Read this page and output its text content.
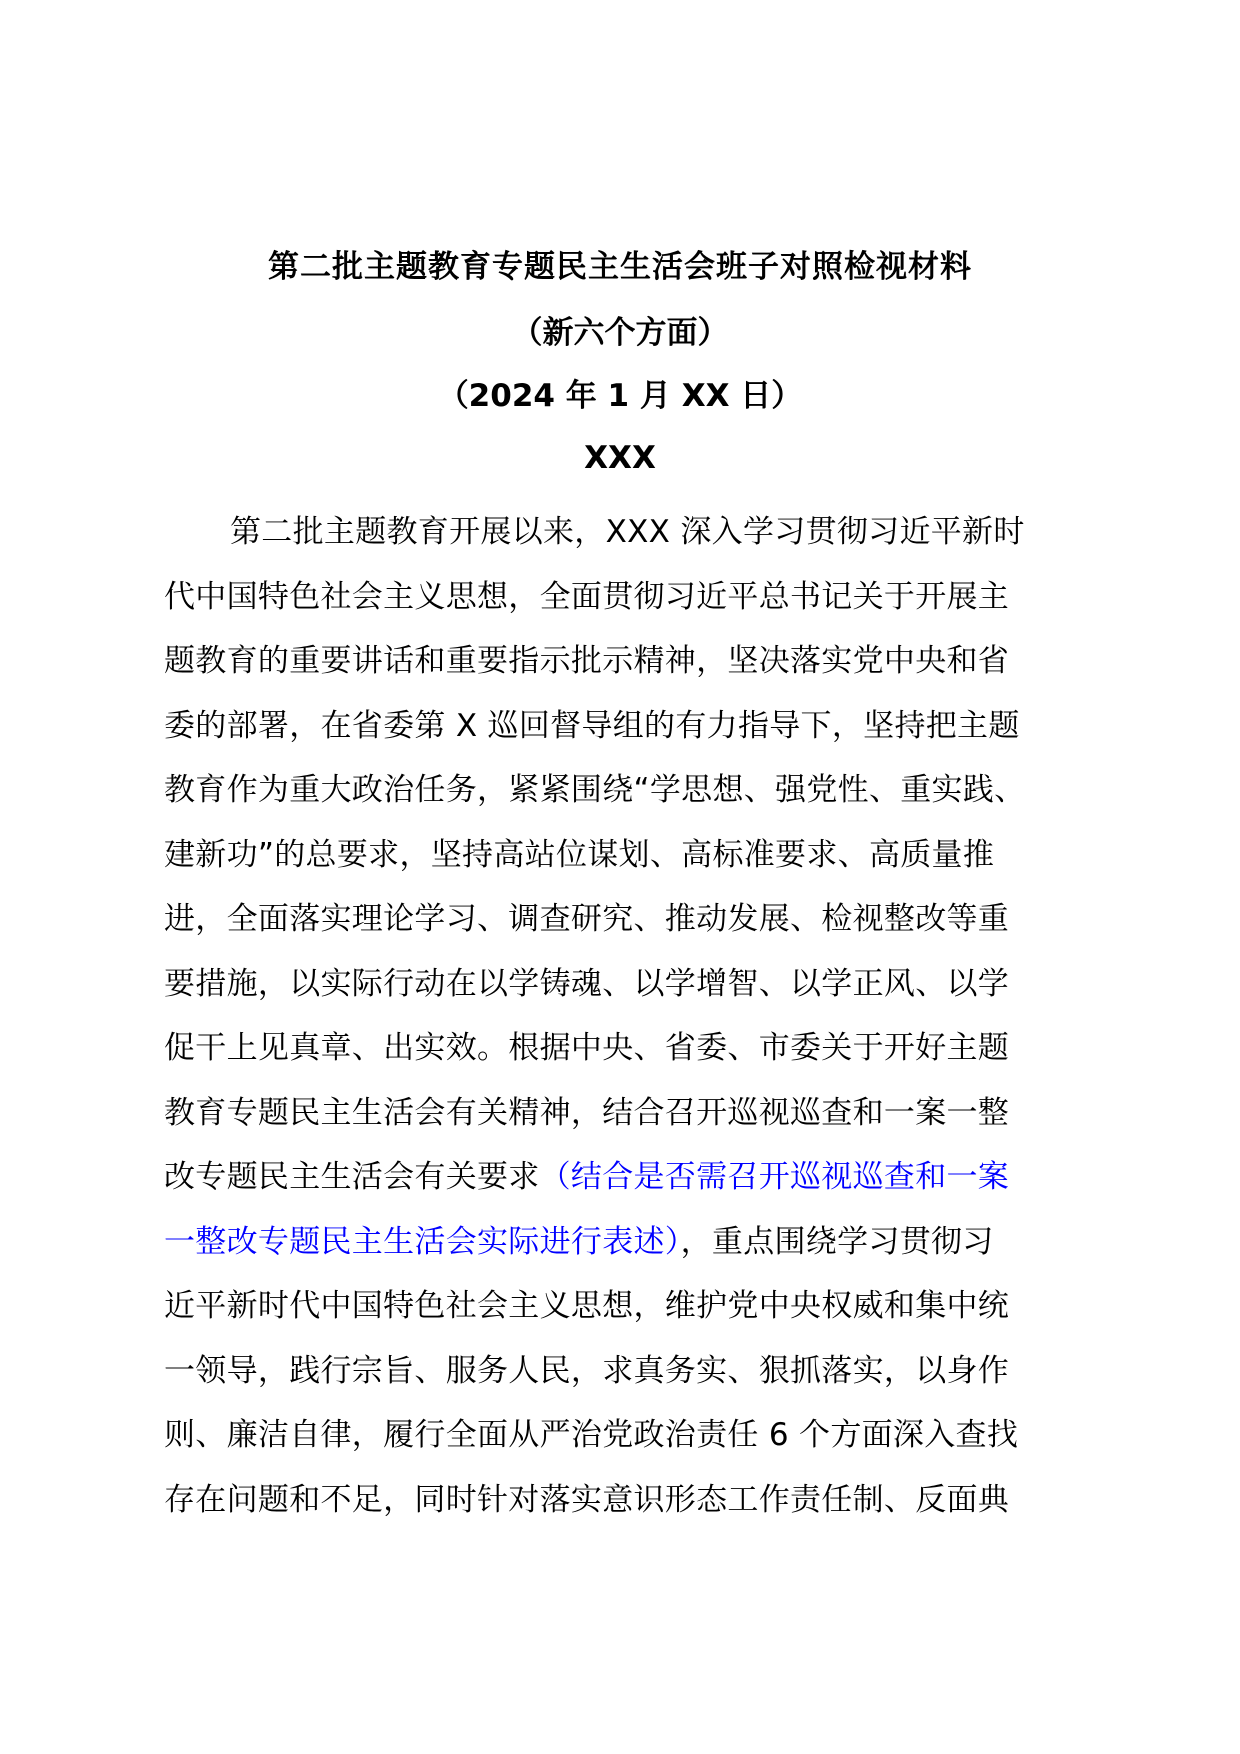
第二批主题教育专题民主生活会班子对照检视材料
（新六个方面）
（2024 年 1 月 XX 日）
XXX
第二批主题教育开展以来，XXX 深入学习贯彻习近平新时
代中国特色社会主义思想，全面贯彻习近平总书记关于开展主
题教育的重要讲话和重要指示批示精神，坚决落实党中央和省
委的部署，在省委第 X 巡回督导组的有力指导下，坚持把主题
教育作为重大政治任务，紧紧围绕“学思想、强党性、重实践、
建新功”的总要求，坚持高站位谋划、高标准要求、高质量推
进，全面落实理论学习、调查研究、推动发展、检视整改等重
要措施，以实际行动在以学铸魂、以学增智、以学正风、以学
促干上见真章、出实效。根据中央、省委、市委关于开好主题
教育专题民主生活会有关精神，结合召开巡视巡查和一案一整
改专题民主生活会有关要求（结合是否需召开巡视巡查和一案
一整改专题民主生活会实际进行表述），重点围绕学习贯彻习
近平新时代中国特色社会主义思想，维护党中央权威和集中统
一领导，践行宗旨、服务人民，求真务实、狠抓落实，以身作
则、廉洁自律，履行全面从严治党政治责任 6 个方面深入查找
存在问题和不足，同时针对落实意识形态工作责任制、反面典
